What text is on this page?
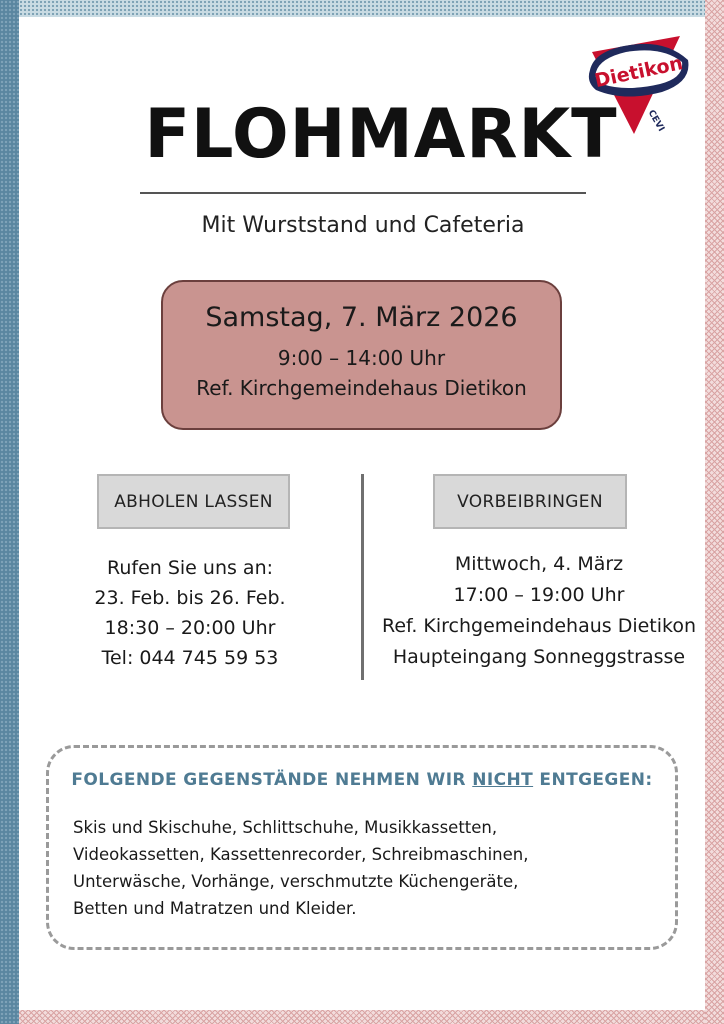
Dietikon
CEVI
FLOHMARKT
Mit Wurststand und Cafeteria
Samstag, 7. März 2026
9:00 – 14:00 Uhr
Ref. Kirchgemeindehaus Dietikon
ABHOLEN LASSEN	VORBEIBRINGEN
Rufen Sie uns an:
23. Feb. bis 26. Feb.
18:30 – 20:00 Uhr
Tel: 044 745 59 53
Mittwoch, 4. März
17:00 – 19:00 Uhr
Ref. Kirchgemeindehaus Dietikon
Haupteingang Sonneggstrasse
FOLGENDE GEGENSTÄNDE NEHMEN WIR NICHT ENTGEGEN:
Skis und Skischuhe, Schlittschuhe, Musikkassetten,
Videokassetten, Kassettenrecorder, Schreibmaschinen,
Unterwäsche, Vorhänge, verschmutzte Küchengeräte,
Betten und Matratzen und Kleider.
